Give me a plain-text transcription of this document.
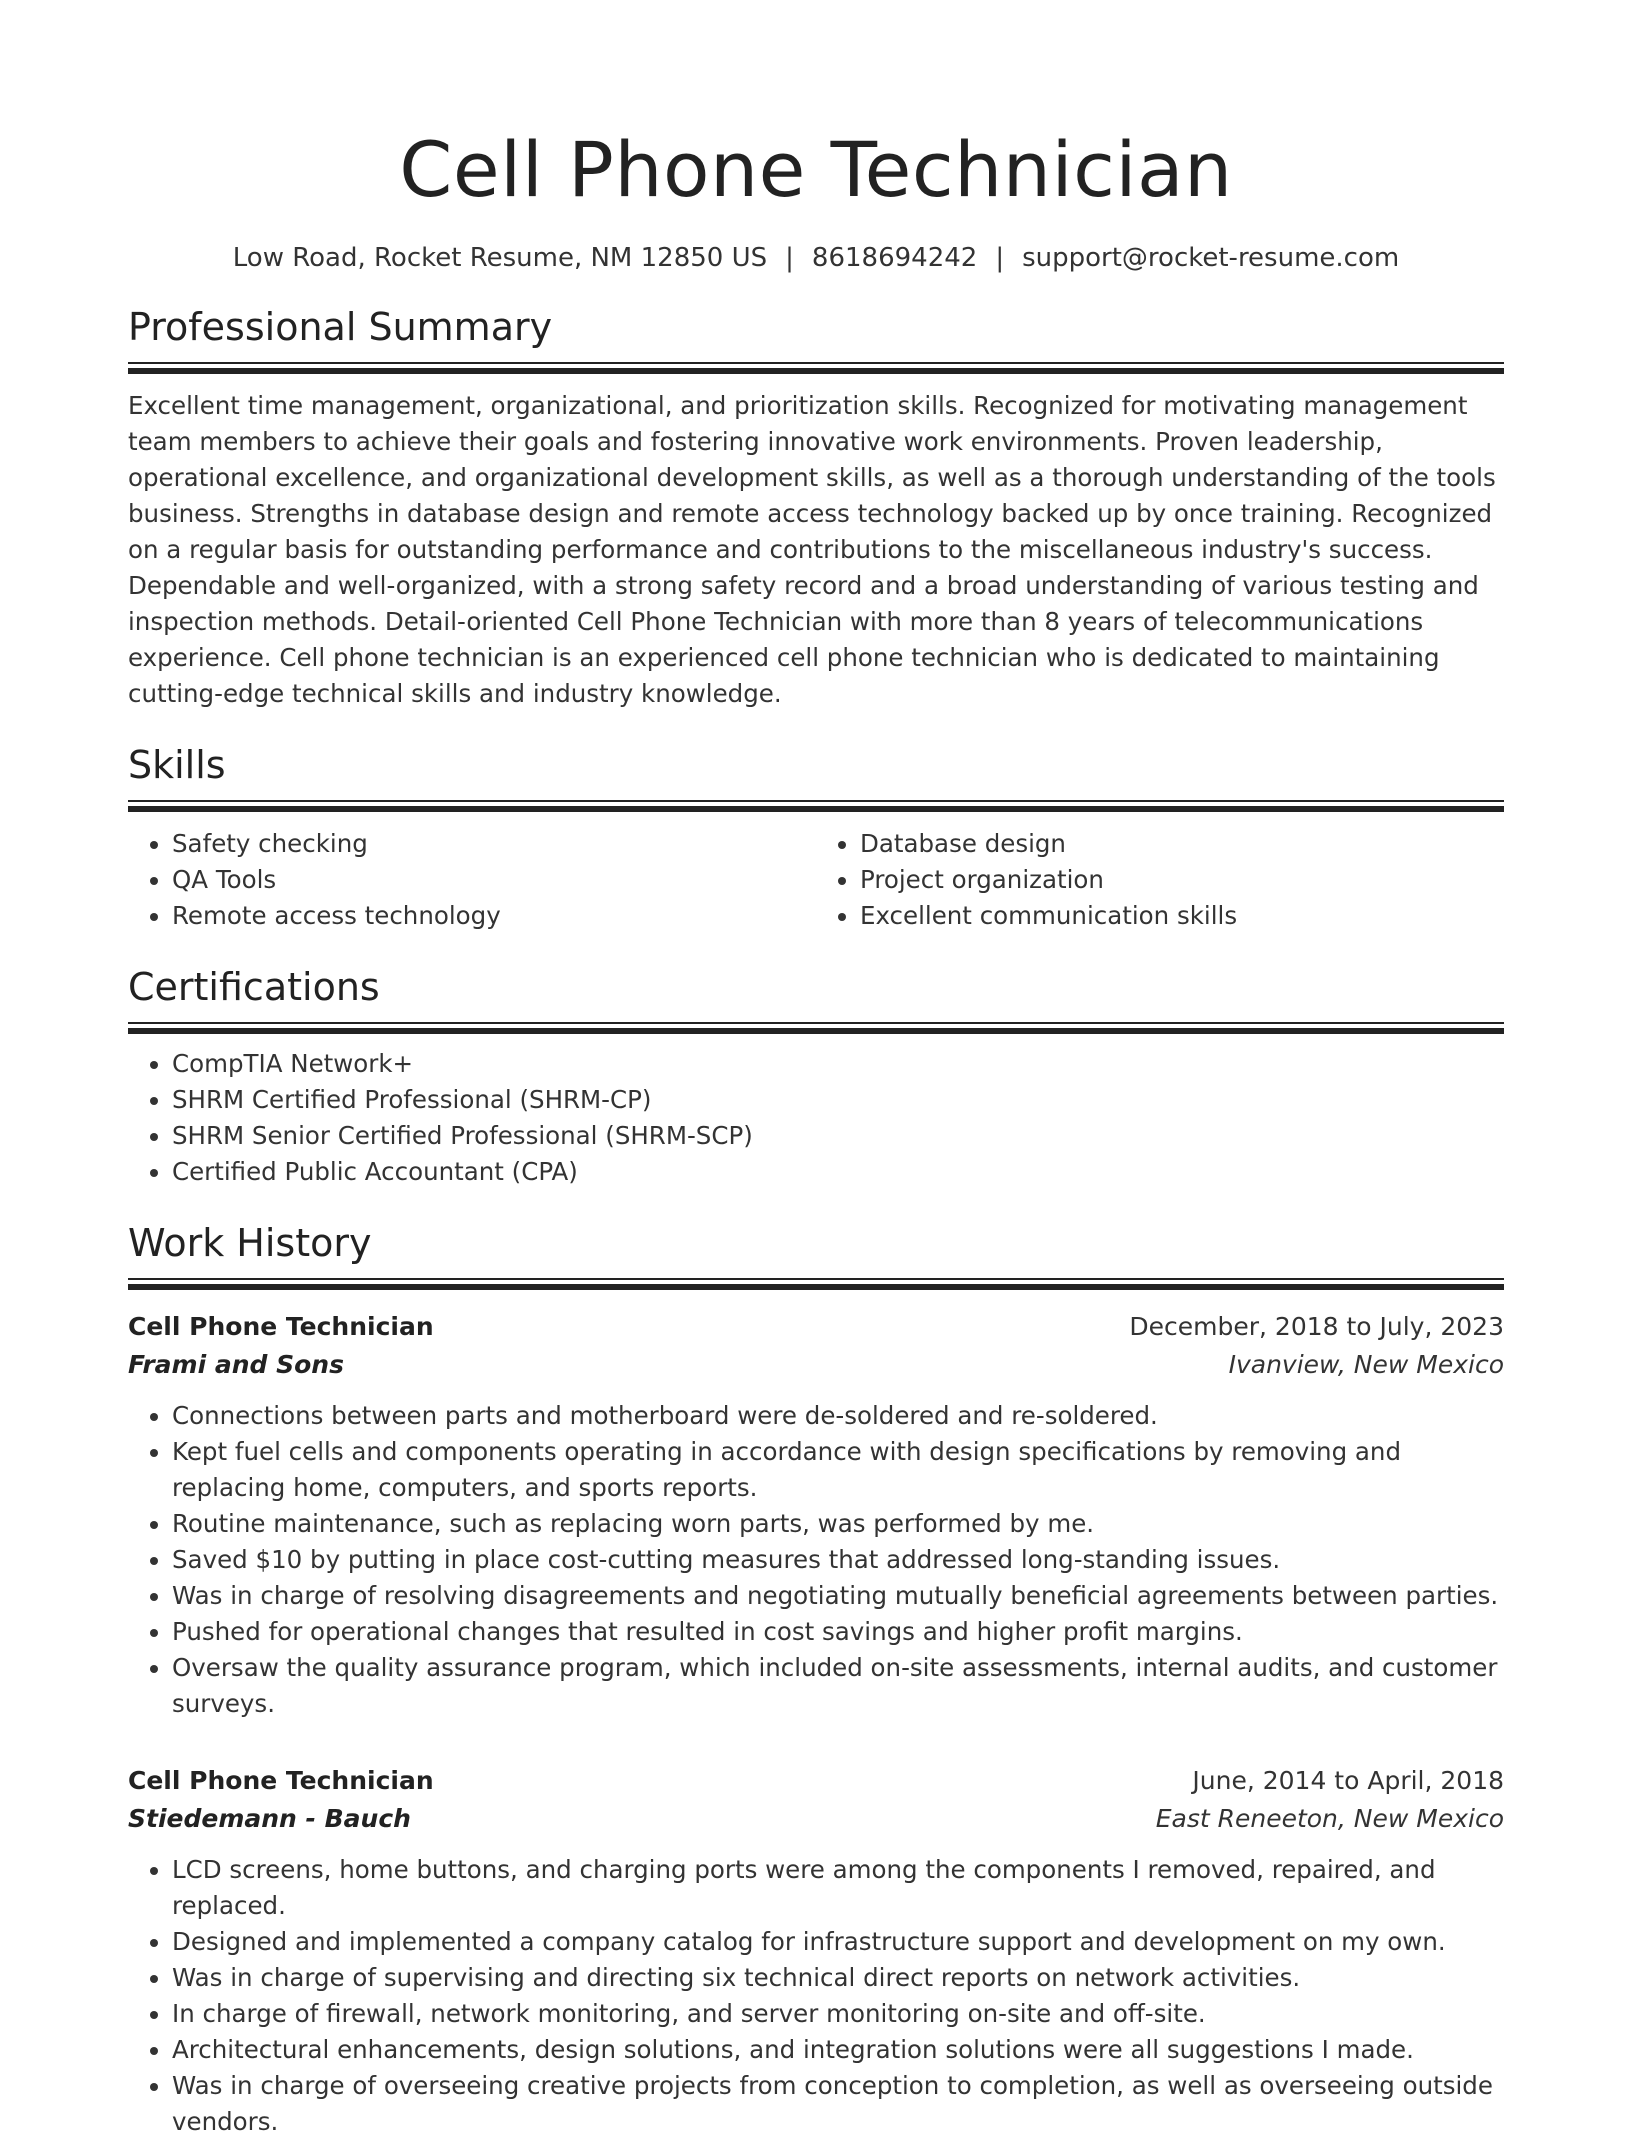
Cell Phone Technician
Low Road, Rocket Resume, NM 12850 US | 8618694242 | support@rocket-resume.com
Professional Summary
Excellent time management, organizational, and prioritization skills. Recognized for motivating management team members to achieve their goals and fostering innovative work environments. Proven leadership, operational excellence, and organizational development skills, as well as a thorough understanding of the tools business. Strengths in database design and remote access technology backed up by once training. Recognized on a regular basis for outstanding performance and contributions to the miscellaneous industry's success. Dependable and well-organized, with a strong safety record and a broad understanding of various testing and inspection methods. Detail-oriented Cell Phone Technician with more than 8 years of telecommunications experience. Cell phone technician is an experienced cell phone technician who is dedicated to maintaining cutting-edge technical skills and industry knowledge.
Skills
• Safety checking
• QA Tools
• Remote access technology
• Database design
• Project organization
• Excellent communication skills
Certifications
• CompTIA Network+
• SHRM Certified Professional (SHRM-CP)
• SHRM Senior Certified Professional (SHRM-SCP)
• Certified Public Accountant (CPA)
Work History
Cell Phone Technician	December, 2018 to July, 2023
Frami and Sons	Ivanview, New Mexico
• Connections between parts and motherboard were de-soldered and re-soldered.
• Kept fuel cells and components operating in accordance with design specifications by removing and replacing home, computers, and sports reports.
• Routine maintenance, such as replacing worn parts, was performed by me.
• Saved $10 by putting in place cost-cutting measures that addressed long-standing issues.
• Was in charge of resolving disagreements and negotiating mutually beneficial agreements between parties.
• Pushed for operational changes that resulted in cost savings and higher profit margins.
• Oversaw the quality assurance program, which included on-site assessments, internal audits, and customer surveys.
Cell Phone Technician	June, 2014 to April, 2018
Stiedemann - Bauch	East Reneeton, New Mexico
• LCD screens, home buttons, and charging ports were among the components I removed, repaired, and replaced.
• Designed and implemented a company catalog for infrastructure support and development on my own.
• Was in charge of supervising and directing six technical direct reports on network activities.
• In charge of firewall, network monitoring, and server monitoring on-site and off-site.
• Architectural enhancements, design solutions, and integration solutions were all suggestions I made.
• Was in charge of overseeing creative projects from conception to completion, as well as overseeing outside vendors.
